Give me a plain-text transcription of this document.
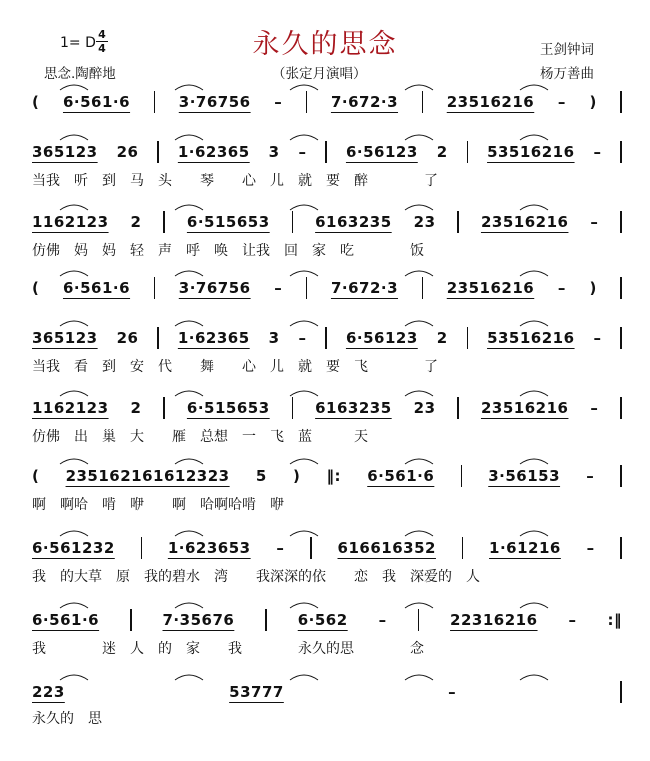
永久的思念
1= D
4
4
思念.陶醉地	（张定月演唱）
王剑钟词
杨万善曲
( 6·561·6	3·76756 –	7·672·3	23516216 – )
365123 26	1·62365 3 –	6·56123 2	53516216 –
当我　听　到　马　头　　琴　　心　儿　就　要　醉　　　　了
1162123 2	6·515653	6163235 23	23516216 –
仿佛　妈　妈　轻　声　呼　唤　让我　回　家　吃　　　　饭
( 6·561·6	3·76756 –	7·672·3	23516216 – )
365123 26	1·62365 3 –	6·56123 2	53516216 –
当我　看　到　安　代　　舞　　心　儿　就　要　飞　　　　了
1162123 2	6·515653	6163235 23	23516216 –
仿佛　出　巢　大　　雁　总想　一　飞　蓝　　　天
( 235162161612323 5 ) ‖: 6·561·6	3·56153 –
啊　啊哈　啃　咿　　啊　哈啊哈啃　咿
6·561232	1·623653 –	616616352	1·61216 –
我　的大草　原　我的碧水　湾　　我深深的依　　恋　我　深爱的　人
6·561·6	7·35676	6·562 –	22316216 – :‖
我　　　　迷　人　的　家　　我　　　　永久的思　　　　念
223	53777	–
永久的　思
